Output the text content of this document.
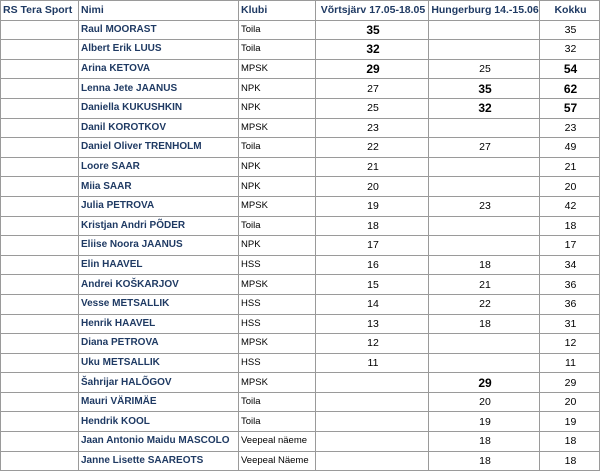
RS Tera Sport	Nimi	Klubi	Võrtsjärv 17.05-18.05	Hungerburg 14.-15.06	Kokku
	Raul MOORAST	Toila	35		35
	Albert Erik LUUS	Toila	32		32
	Arina KETOVA	MPSK	29	25	54
	Lenna Jete JAANUS	NPK	27	35	62
	Daniella KUKUSHKIN	NPK	25	32	57
	Danil KOROTKOV	MPSK	23		23
	Daniel Oliver TRENHOLM	Toila	22	27	49
	Loore SAAR	NPK	21		21
	Miia SAAR	NPK	20		20
	Julia PETROVA	MPSK	19	23	42
	Kristjan Andri PÕDER	Toila	18		18
	Eliise Noora JAANUS	NPK	17		17
	Elin HAAVEL	HSS	16	18	34
	Andrei KOŠKARJOV	MPSK	15	21	36
	Vesse METSALLIK	HSS	14	22	36
	Henrik HAAVEL	HSS	13	18	31
	Diana PETROVA	MPSK	12		12
	Uku METSALLIK	HSS	11		11
	Šahrijar HALÕGOV	MPSK		29	29
	Mauri VÄRIMÄE	Toila		20	20
	Hendrik KOOL	Toila		19	19
	Jaan Antonio Maidu MASCOLO	Veepeal näeme		18	18
	Janne Lisette SAAREOTS	Veepeal Näeme		18	18
